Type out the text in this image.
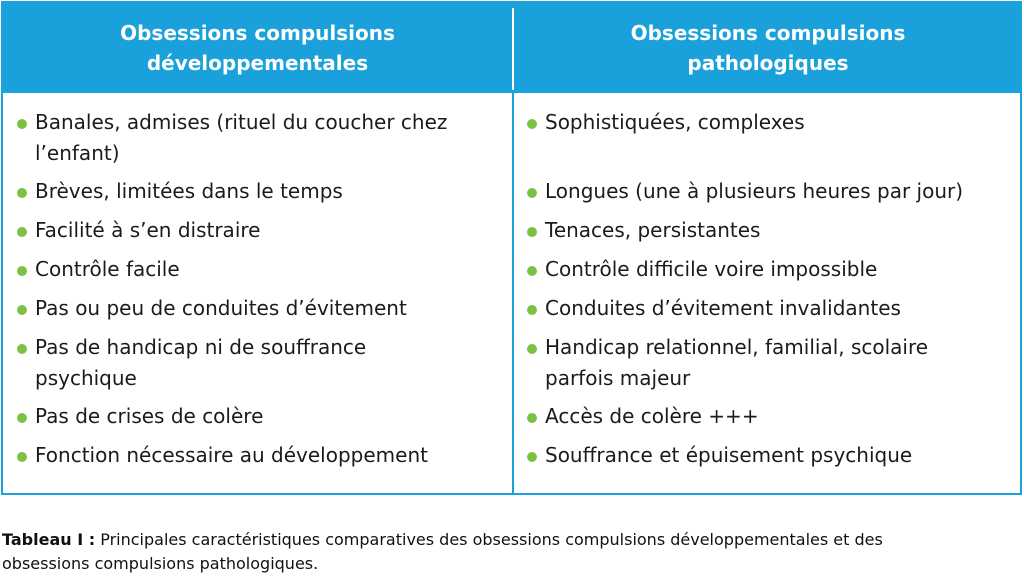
Obsessions compulsions
développementales
Obsessions compulsions
pathologiques
Banales, admises (rituel du coucher chez
l’enfant)
Brèves, limitées dans le temps
Facilité à s’en distraire
Contrôle facile
Pas ou peu de conduites d’évitement
Pas de handicap ni de souffrance
psychique
Pas de crises de colère
Fonction nécessaire au développement
Sophistiquées, complexes
Longues (une à plusieurs heures par jour)
Tenaces, persistantes
Contrôle difficile voire impossible
Conduites d’évitement invalidantes
Handicap relationnel, familial, scolaire
parfois majeur
Accès de colère +++
Souffrance et épuisement psychique
Tableau I : Principales caractéristiques comparatives des obsessions compulsions développementales et des
obsessions compulsions pathologiques.
